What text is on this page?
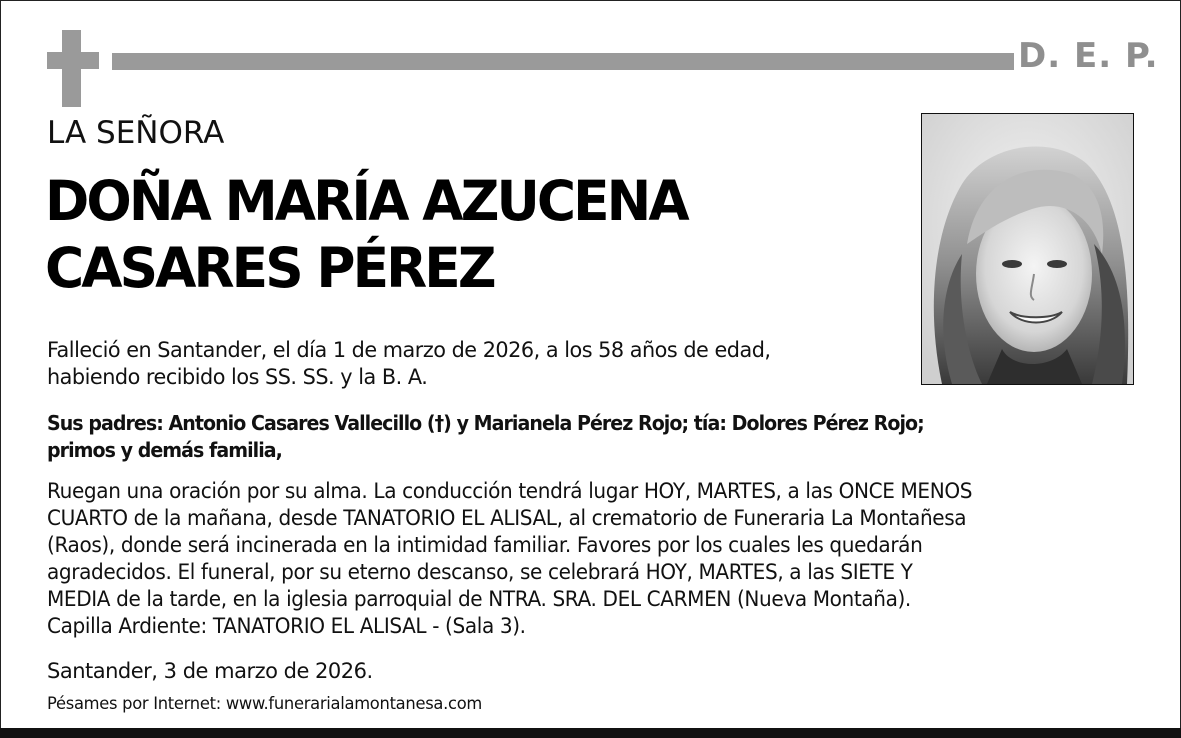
D. E. P.
LA SEÑORA
DOÑA MARÍA AZUCENA
CASARES PÉREZ
Falleció en Santander, el día 1 de marzo de 2026, a los 58 años de edad,
habiendo recibido los SS. SS. y la B. A.
Sus padres: Antonio Casares Vallecillo (†) y Marianela Pérez Rojo; tía: Dolores Pérez Rojo;
primos y demás familia,
Ruegan una oración por su alma. La conducción tendrá lugar HOY, MARTES, a las ONCE MENOS
CUARTO de la mañana, desde TANATORIO EL ALISAL, al crematorio de Funeraria La Montañesa
(Raos), donde será incinerada en la intimidad familiar. Favores por los cuales les quedarán
agradecidos. El funeral, por su eterno descanso, se celebrará HOY, MARTES, a las SIETE Y
MEDIA de la tarde, en la iglesia parroquial de NTRA. SRA. DEL CARMEN (Nueva Montaña).
Capilla Ardiente: TANATORIO EL ALISAL - (Sala 3).
Santander, 3 de marzo de 2026.
Pésames por Internet: www.funerarialamontanesa.com
